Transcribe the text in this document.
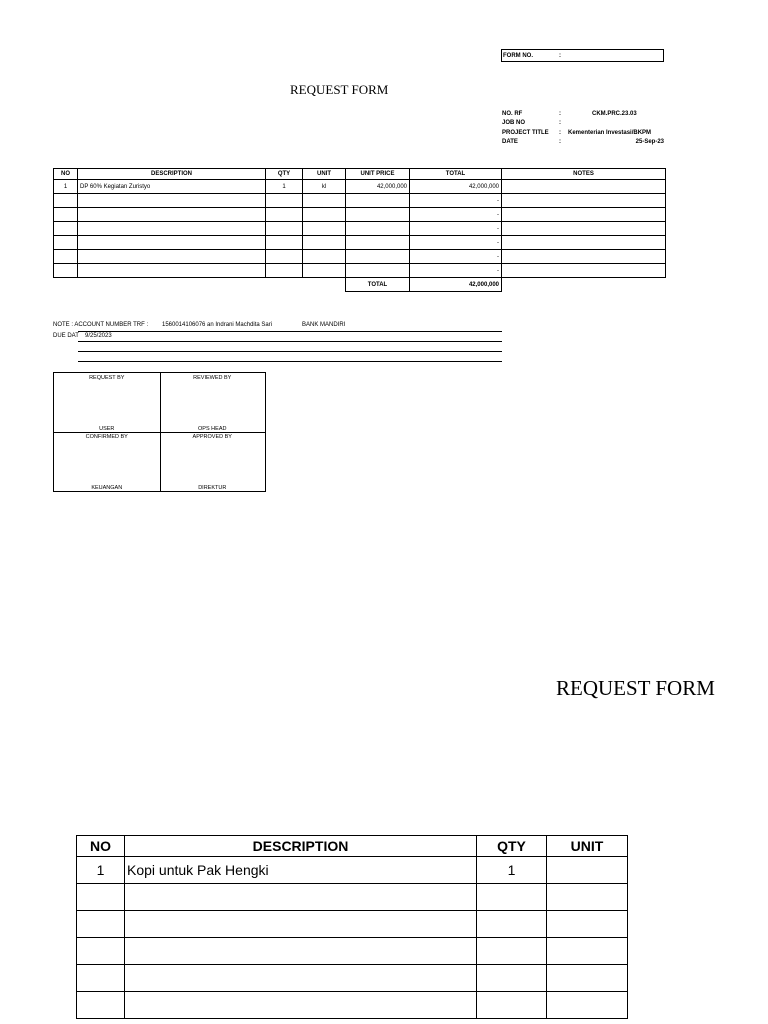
FORM NO.	:
REQUEST FORM
NO. RF	:	CKM.PRC.23.03
JOB NO	:
PROJECT TITLE : Kementerian Investasi/BKPM
DATE	:	25-Sep-23
NO	DESCRIPTION	QTY	UNIT	UNIT PRICE	TOTAL	NOTES
1	DP 60% Kegiatan Zuristyo	1	kl	42,000,000	42,000,000	
					-	
					-	
					-	
					-	
					-	
					-	
				TOTAL	42,000,000	
NOTE : ACCOUNT NUMBER TRF : 1560014106076 an Indrani Machdita Sari	BANK MANDIRI
DUE DAT 9/25/2023
REQUEST BY
USER
REVIEWED BY
OPS HEAD
CONFIRMED BY
KEUANGAN
APPROVED BY
DIREKTUR
REQUEST FORM
NO	DESCRIPTION	QTY	UNIT
1	Kopi untuk Pak Hengki	1	
